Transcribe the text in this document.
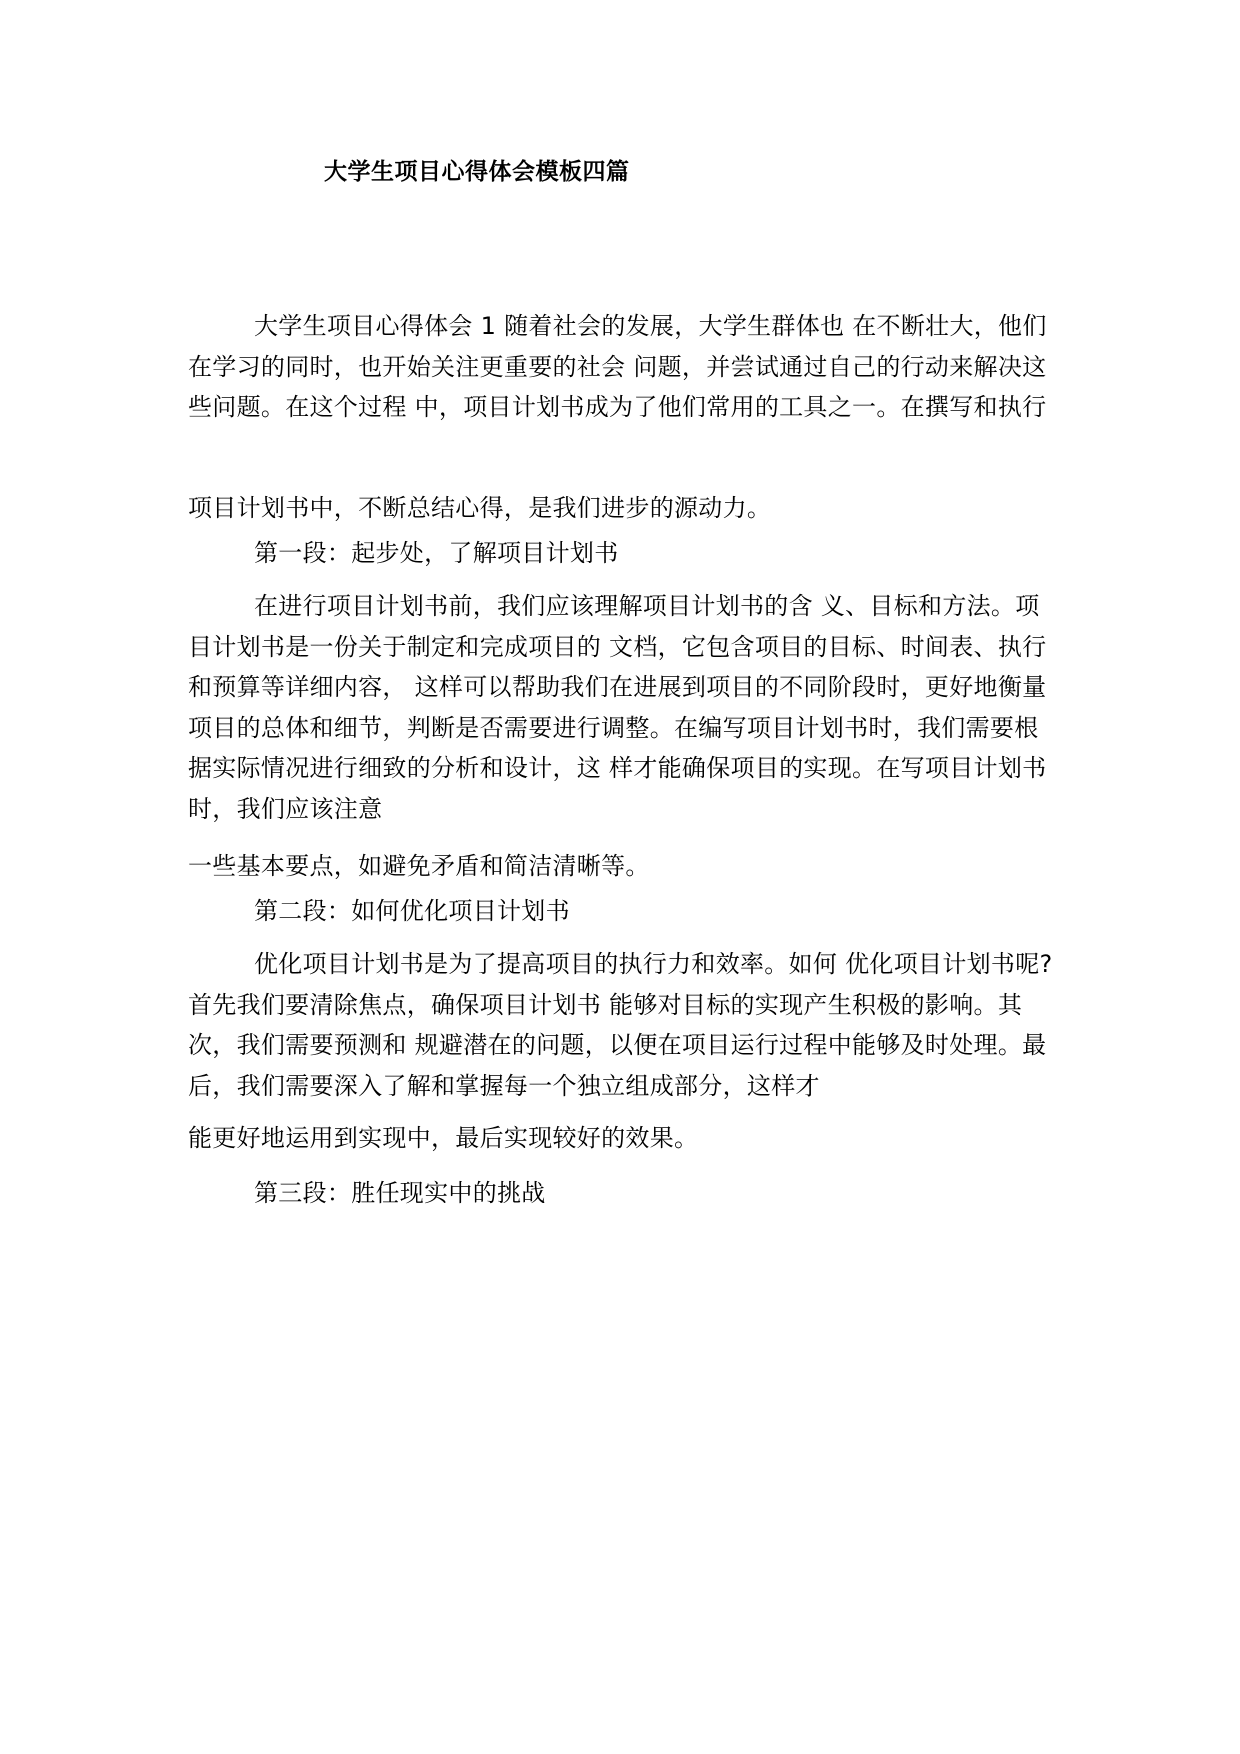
大学生项目心得体会模板四篇

大学生项目心得体会 1 随着社会的发展，大学生群体也 在不断壮大，他们在学习的同时，也开始关注更重要的社会 问题，并尝试通过自己的行动来解决这些问题。在这个过程 中，项目计划书成为了他们常用的工具之一。在撰写和执行

项目计划书中，不断总结心得，是我们进步的源动力。

第一段：起步处，了解项目计划书

在进行项目计划书前，我们应该理解项目计划书的含 义、目标和方法。项目计划书是一份关于制定和完成项目的 文档，它包含项目的目标、时间表、执行和预算等详细内容， 这样可以帮助我们在进展到项目的不同阶段时，更好地衡量 项目的总体和细节，判断是否需要进行调整。在编写项目计划书时，我们需要根据实际情况进行细致的分析和设计，这 样才能确保项目的实现。在写项目计划书时，我们应该注意

一些基本要点，如避免矛盾和简洁清晰等。

第二段：如何优化项目计划书

优化项目计划书是为了提高项目的执行力和效率。如何 优化项目计划书呢?首先我们要清除焦点，确保项目计划书 能够对目标的实现产生积极的影响。其次，我们需要预测和 规避潜在的问题，以便在项目运行过程中能够及时处理。最 后，我们需要深入了解和掌握每一个独立组成部分，这样才

能更好地运用到实现中，最后实现较好的效果。

第三段：胜任现实中的挑战
